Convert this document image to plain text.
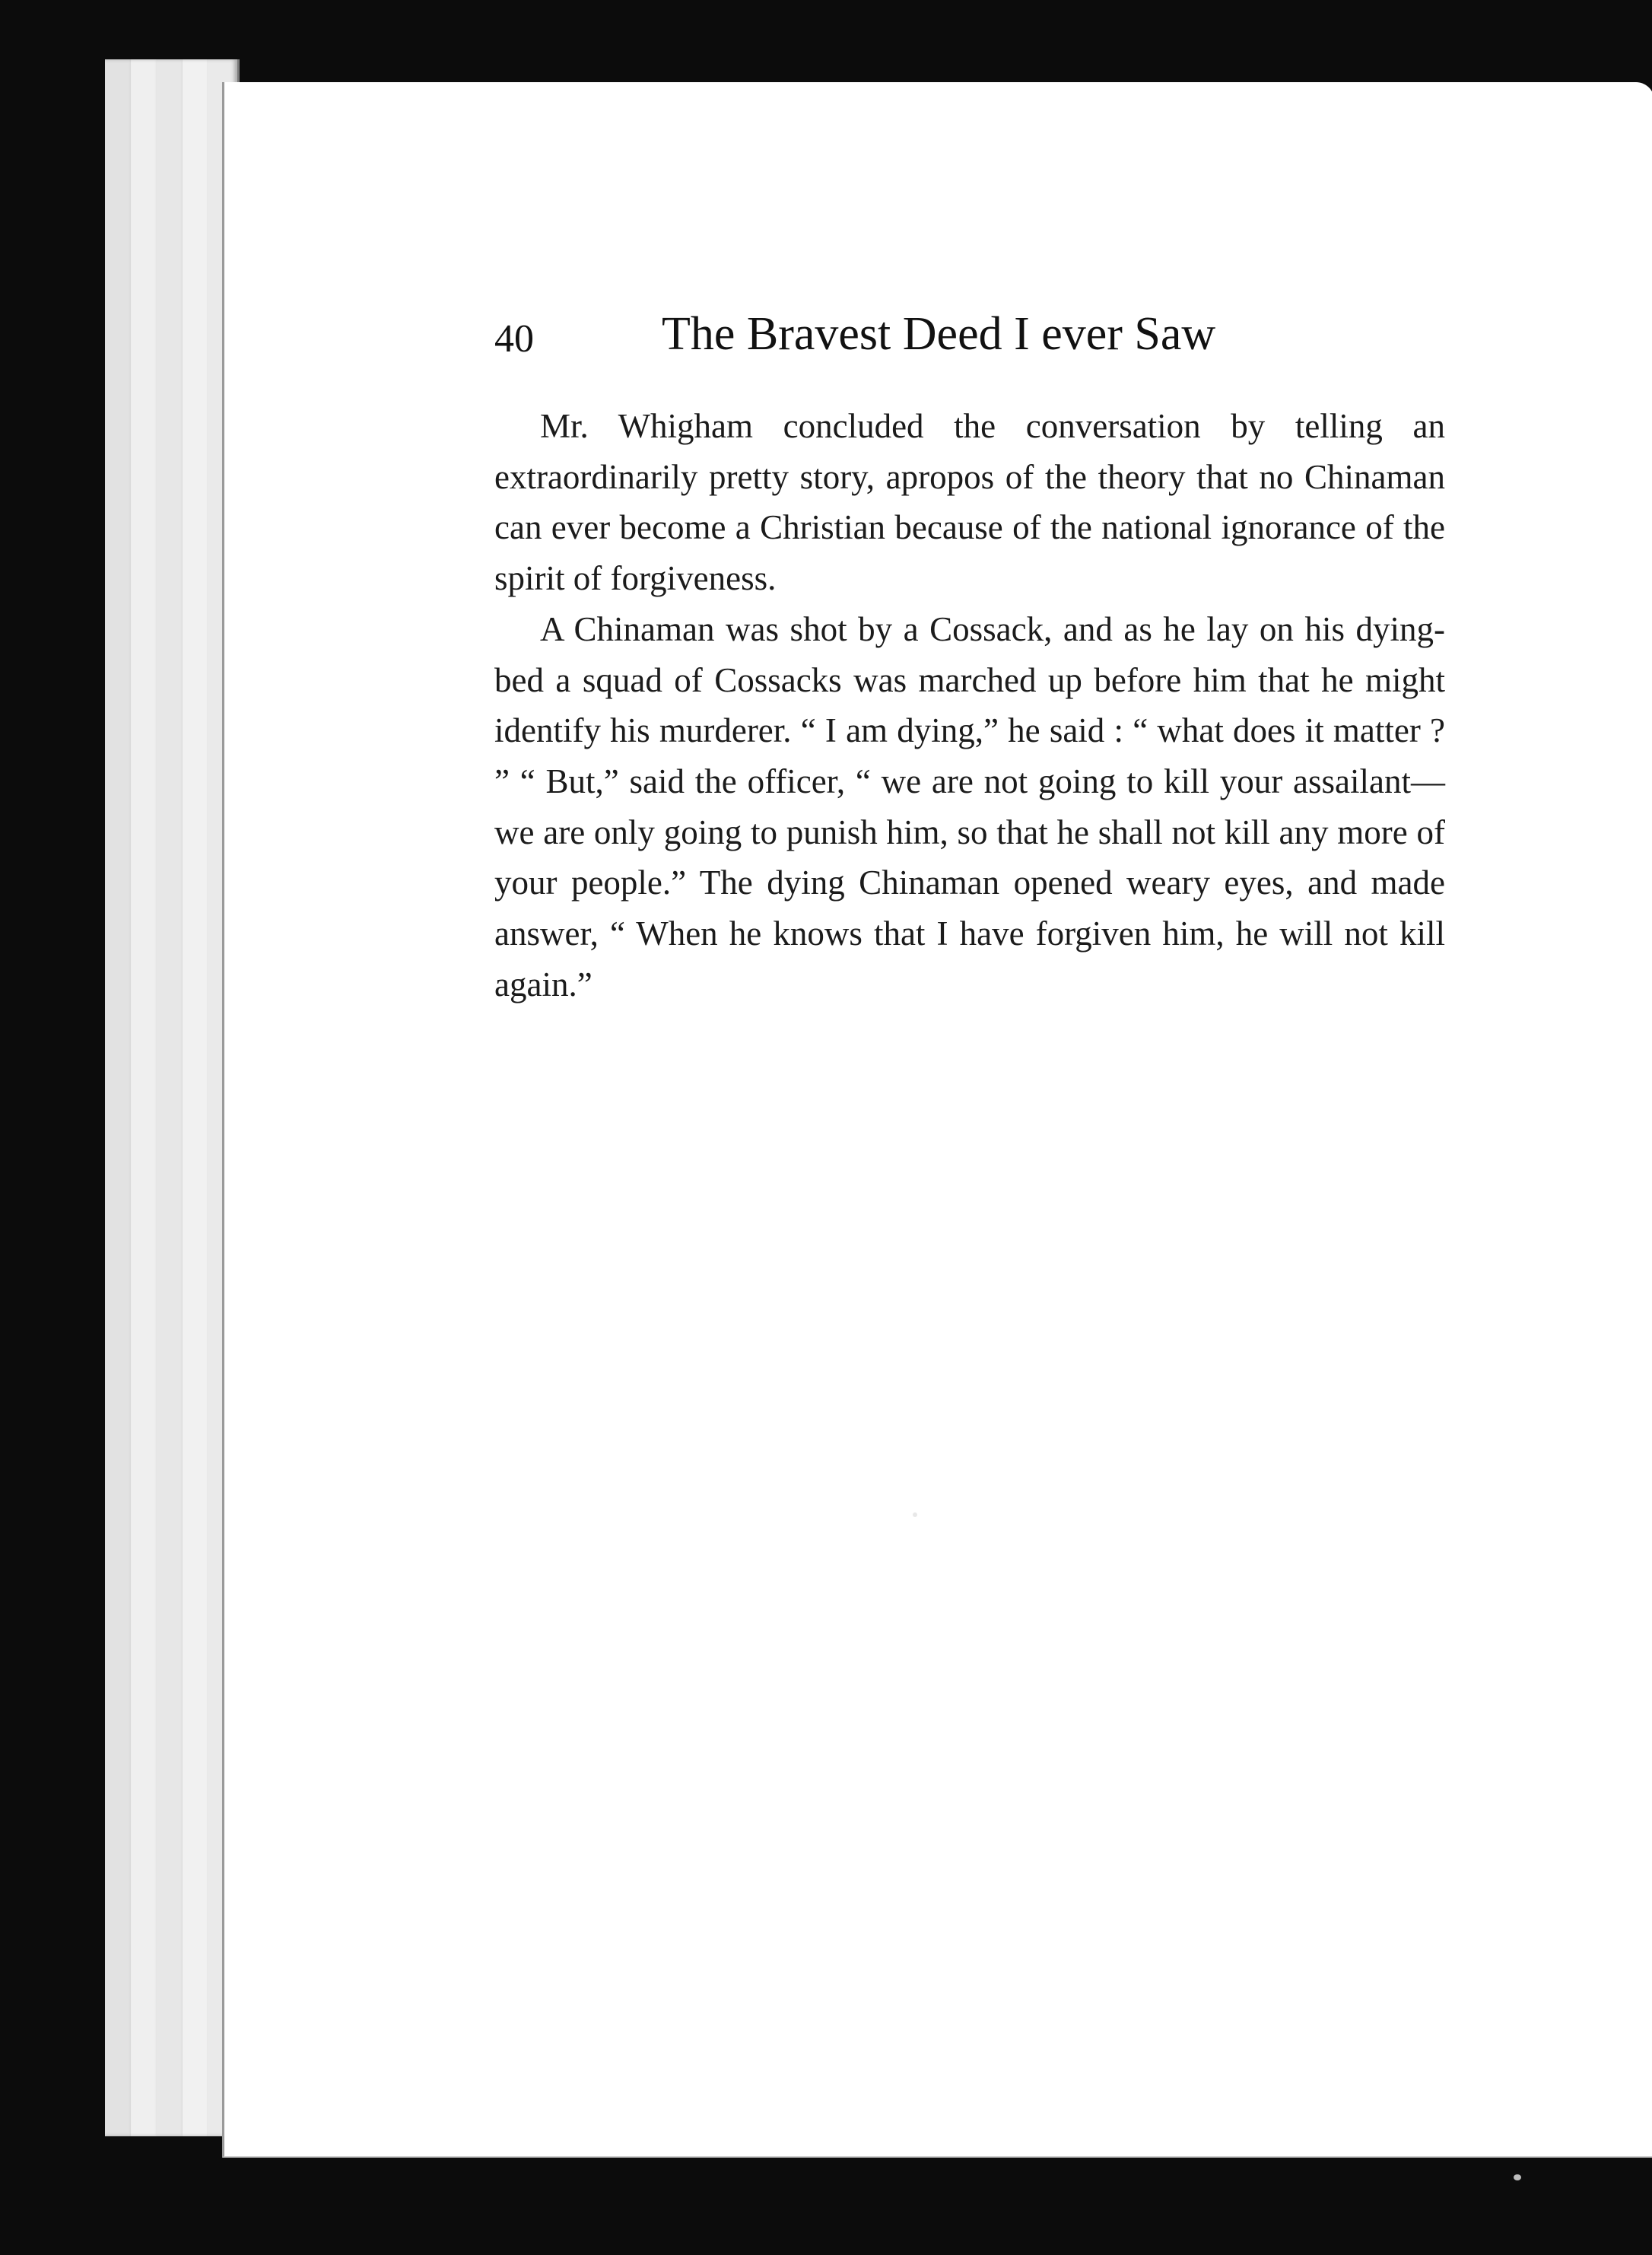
40	The Bravest Deed I ever Saw

Mr. Whigham concluded the conversation by telling an extraordinarily pretty story, apropos of the theory that no Chinaman can ever become a Christian because of the national ignorance of the spirit of forgiveness.

A Chinaman was shot by a Cossack, and as he lay on his dying-bed a squad of Cossacks was marched up before him that he might identify his murderer. “ I am dying,” he said : “ what does it matter ? ” “ But,” said the officer, “ we are not going to kill your assailant—we are only going to punish him, so that he shall not kill any more of your people.” The dying Chinaman opened weary eyes, and made answer, “ When he knows that I have forgiven him, he will not kill again.”
